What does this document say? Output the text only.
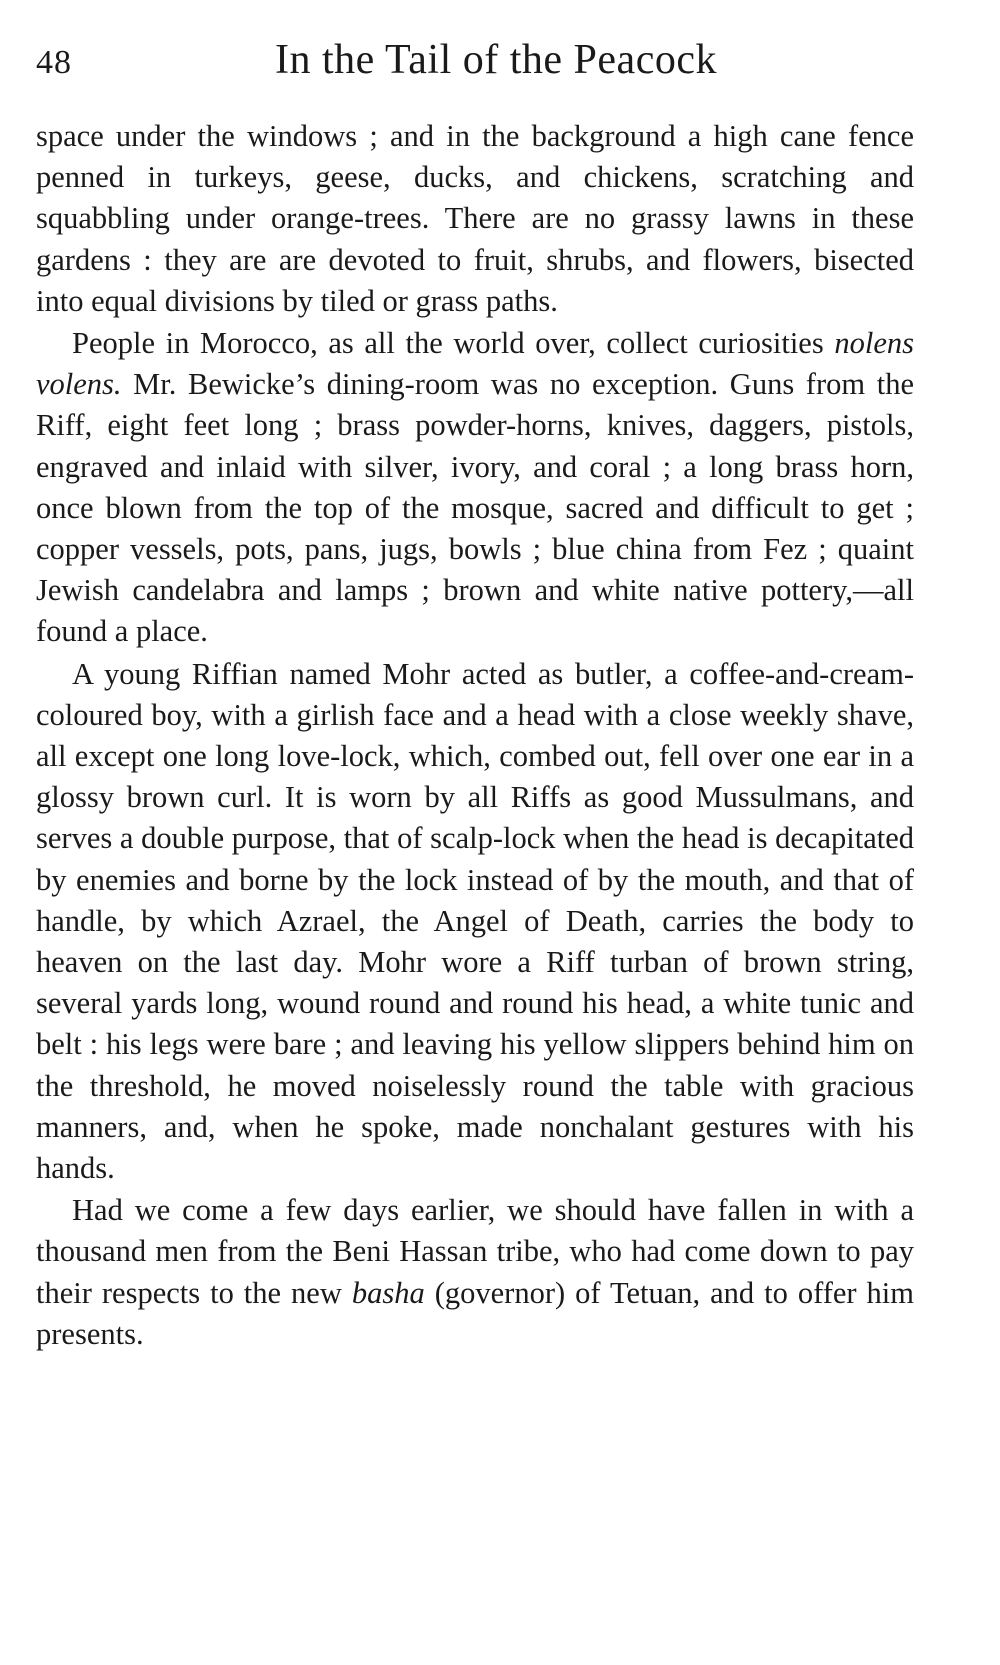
48	In the Tail of the Peacock

space under the windows ; and in the background a high cane fence penned in turkeys, geese, ducks, and chickens, scratching and squabbling under orange-trees. There are no grassy lawns in these gardens : they are are devoted to fruit, shrubs, and flowers, bisected into equal divisions by tiled or grass paths.

People in Morocco, as all the world over, collect curiosities nolens volens. Mr. Bewicke’s dining-room was no exception. Guns from the Riff, eight feet long ; brass powder-horns, knives, daggers, pistols, engraved and inlaid with silver, ivory, and coral ; a long brass horn, once blown from the top of the mosque, sacred and difficult to get ; copper vessels, pots, pans, jugs, bowls ; blue china from Fez ; quaint Jewish candelabra and lamps ; brown and white native pottery,—all found a place.

A young Riffian named Mohr acted as butler, a coffee-and-cream-coloured boy, with a girlish face and a head with a close weekly shave, all except one long love-lock, which, combed out, fell over one ear in a glossy brown curl. It is worn by all Riffs as good Mussulmans, and serves a double purpose, that of scalp-lock when the head is decapitated by enemies and borne by the lock instead of by the mouth, and that of handle, by which Azrael, the Angel of Death, carries the body to heaven on the last day. Mohr wore a Riff turban of brown string, several yards long, wound round and round his head, a white tunic and belt : his legs were bare ; and leaving his yellow slippers behind him on the threshold, he moved noiselessly round the table with gracious manners, and, when he spoke, made nonchalant gestures with his hands.

Had we come a few days earlier, we should have fallen in with a thousand men from the Beni Hassan tribe, who had come down to pay their respects to the new basha (governor) of Tetuan, and to offer him presents.
